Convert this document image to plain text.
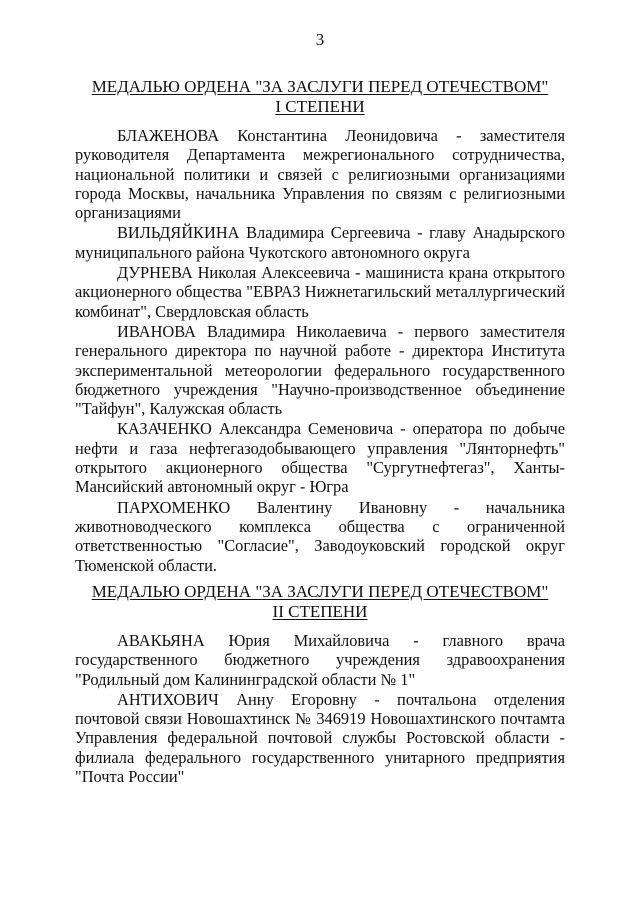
3
МЕДАЛЬЮ ОРДЕНА "ЗА ЗАСЛУГИ ПЕРЕД ОТЕЧЕСТВОМ"
I СТЕПЕНИ

БЛАЖЕНОВА Константина Леонидовича - заместителя руководителя Департамента межрегионального сотрудничества, национальной политики и связей с религиозными организациями города Москвы, начальника Управления по связям с религиозными организациями

ВИЛЬДЯЙКИНА Владимира Сергеевича - главу Анадырского муниципального района Чукотского автономного округа

ДУРНЕВА Николая Алексеевича - машиниста крана открытого акционерного общества "ЕВРАЗ Нижнетагильский металлургический комбинат", Свердловская область

ИВАНОВА Владимира Николаевича - первого заместителя генерального директора по научной работе - директора Института экспериментальной метеорологии федерального государственного бюджетного учреждения "Научно-производственное объединение "Тайфун", Калужская область

КАЗАЧЕНКО Александра Семеновича - оператора по добыче нефти и газа нефтегазодобывающего управления "Лянторнефть" открытого акционерного общества "Сургутнефтегаз", Ханты-Мансийский автономный округ - Югра

ПАРХОМЕНКО Валентину Ивановну - начальника животноводческого комплекса общества с ограниченной ответственностью "Согласие", Заводоуковский городской округ Тюменской области.

МЕДАЛЬЮ ОРДЕНА "ЗА ЗАСЛУГИ ПЕРЕД ОТЕЧЕСТВОМ"
II СТЕПЕНИ

АВАКЬЯНА Юрия Михайловича - главного врача государственного бюджетного учреждения здравоохранения "Родильный дом Калининградской области № 1"

АНТИХОВИЧ Анну Егоровну - почтальона отделения почтовой связи Новошахтинск № 346919 Новошахтинского почтамта Управления федеральной почтовой службы Ростовской области - филиала федерального государственного унитарного предприятия "Почта России"
